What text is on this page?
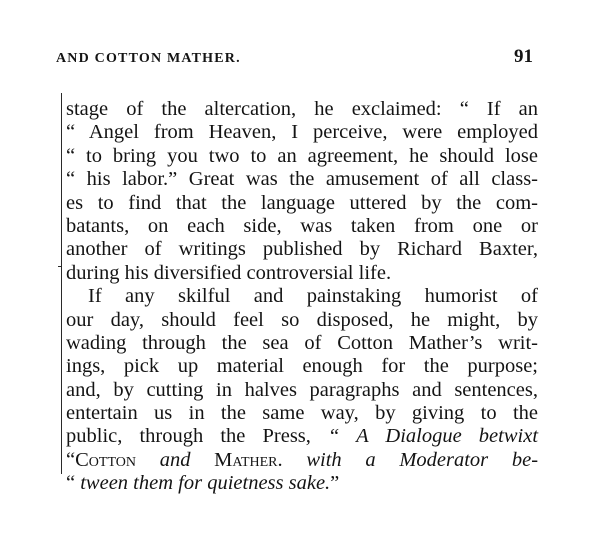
AND COTTON MATHER.	91
stage of the altercation, he exclaimed: “ If an
“ Angel from Heaven, I perceive, were employed
“ to bring you two to an agreement, he should lose
“ his labor.” Great was the amusement of all class-
es to find that the language uttered by the com-
batants, on each side, was taken from one or
another of writings published by Richard Baxter,
during his diversified controversial life.
If any skilful and painstaking humorist of
our day, should feel so disposed, he might, by
wading through the sea of Cotton Mather’s writ-
ings, pick up material enough for the purpose;
and, by cutting in halves paragraphs and sentences,
entertain us in the same way, by giving to the
public, through the Press, “ A Dialogue betwixt
“Cotton and Mather. with a Moderator be-
“ tween them for quietness sake.”
